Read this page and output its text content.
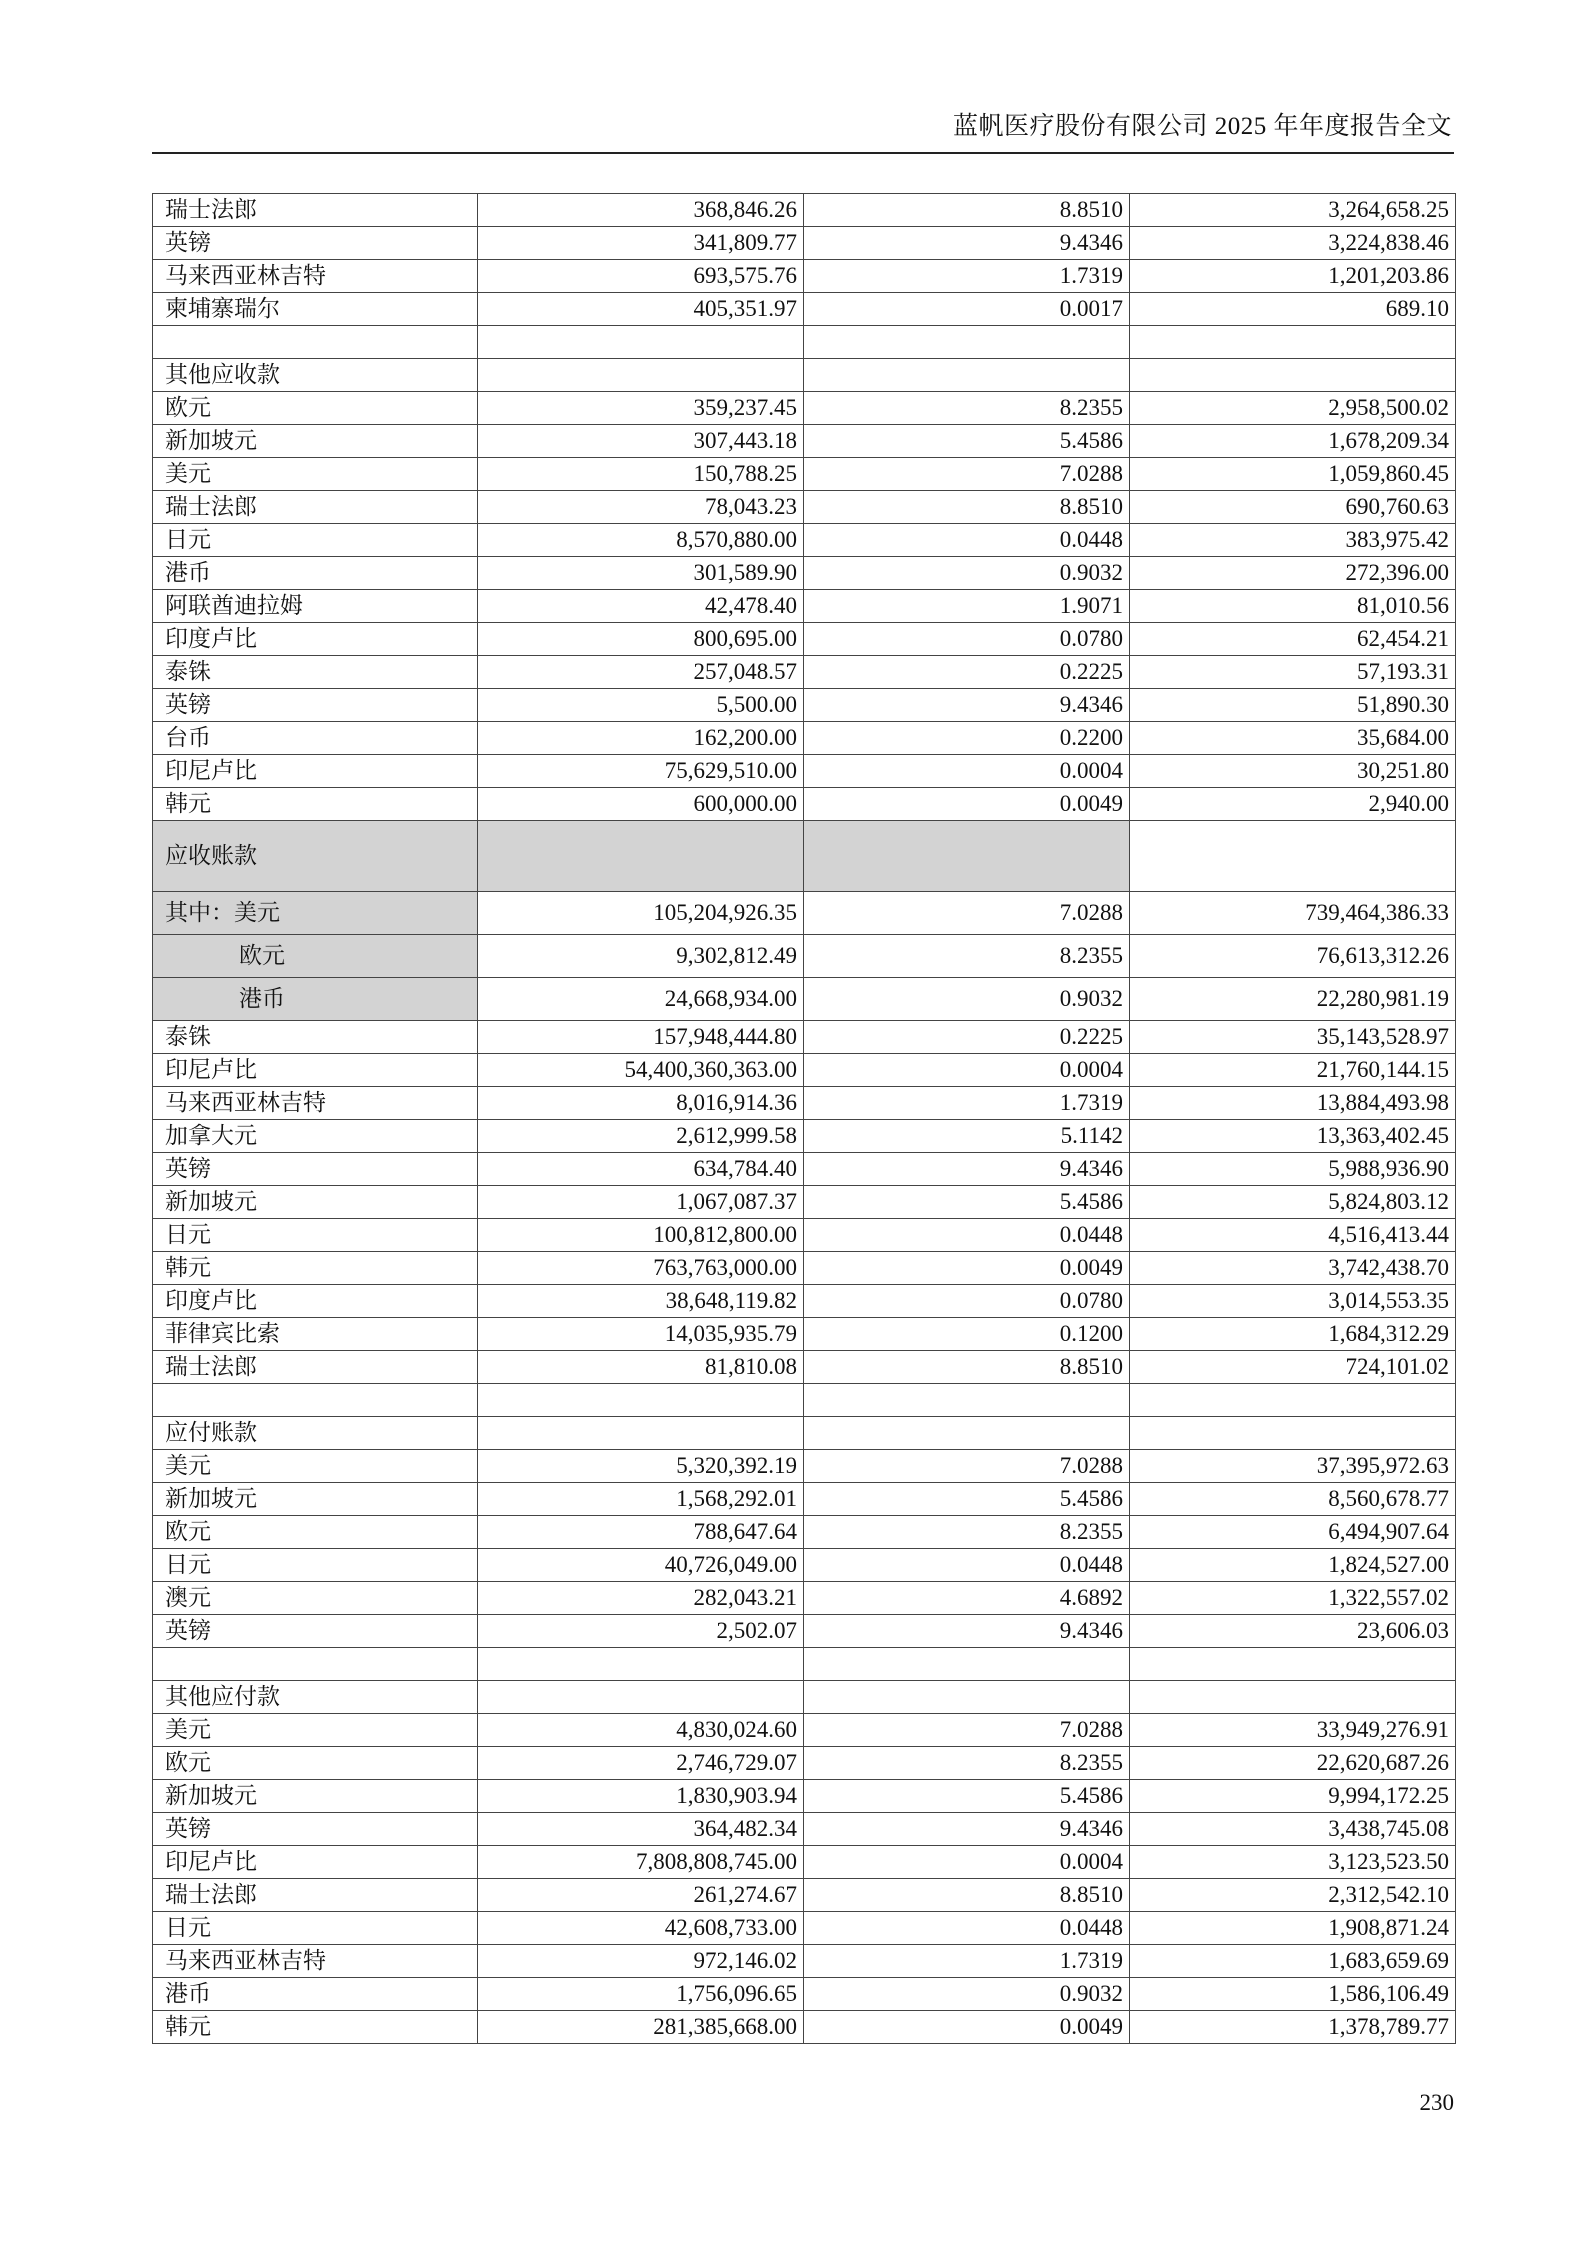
蓝帆医疗股份有限公司 2025 年年度报告全文
瑞士法郎	368,846.26	8.8510	3,264,658.25
英镑	341,809.77	9.4346	3,224,838.46
马来西亚林吉特	693,575.76	1.7319	1,201,203.86
柬埔寨瑞尔	405,351.97	0.0017	689.10

其他应收款			
欧元	359,237.45	8.2355	2,958,500.02
新加坡元	307,443.18	5.4586	1,678,209.34
美元	150,788.25	7.0288	1,059,860.45
瑞士法郎	78,043.23	8.8510	690,760.63
日元	8,570,880.00	0.0448	383,975.42
港币	301,589.90	0.9032	272,396.00
阿联酋迪拉姆	42,478.40	1.9071	81,010.56
印度卢比	800,695.00	0.0780	62,454.21
泰铢	257,048.57	0.2225	57,193.31
英镑	5,500.00	9.4346	51,890.30
台币	162,200.00	0.2200	35,684.00
印尼卢比	75,629,510.00	0.0004	30,251.80
韩元	600,000.00	0.0049	2,940.00
应收账款			
其中：美元	105,204,926.35	7.0288	739,464,386.33
欧元	9,302,812.49	8.2355	76,613,312.26
港币	24,668,934.00	0.9032	22,280,981.19
泰铢	157,948,444.80	0.2225	35,143,528.97
印尼卢比	54,400,360,363.00	0.0004	21,760,144.15
马来西亚林吉特	8,016,914.36	1.7319	13,884,493.98
加拿大元	2,612,999.58	5.1142	13,363,402.45
英镑	634,784.40	9.4346	5,988,936.90
新加坡元	1,067,087.37	5.4586	5,824,803.12
日元	100,812,800.00	0.0448	4,516,413.44
韩元	763,763,000.00	0.0049	3,742,438.70
印度卢比	38,648,119.82	0.0780	3,014,553.35
菲律宾比索	14,035,935.79	0.1200	1,684,312.29
瑞士法郎	81,810.08	8.8510	724,101.02

应付账款			
美元	5,320,392.19	7.0288	37,395,972.63
新加坡元	1,568,292.01	5.4586	8,560,678.77
欧元	788,647.64	8.2355	6,494,907.64
日元	40,726,049.00	0.0448	1,824,527.00
澳元	282,043.21	4.6892	1,322,557.02
英镑	2,502.07	9.4346	23,606.03

其他应付款			
美元	4,830,024.60	7.0288	33,949,276.91
欧元	2,746,729.07	8.2355	22,620,687.26
新加坡元	1,830,903.94	5.4586	9,994,172.25
英镑	364,482.34	9.4346	3,438,745.08
印尼卢比	7,808,808,745.00	0.0004	3,123,523.50
瑞士法郎	261,274.67	8.8510	2,312,542.10
日元	42,608,733.00	0.0448	1,908,871.24
马来西亚林吉特	972,146.02	1.7319	1,683,659.69
港币	1,756,096.65	0.9032	1,586,106.49
韩元	281,385,668.00	0.0049	1,378,789.77
230
